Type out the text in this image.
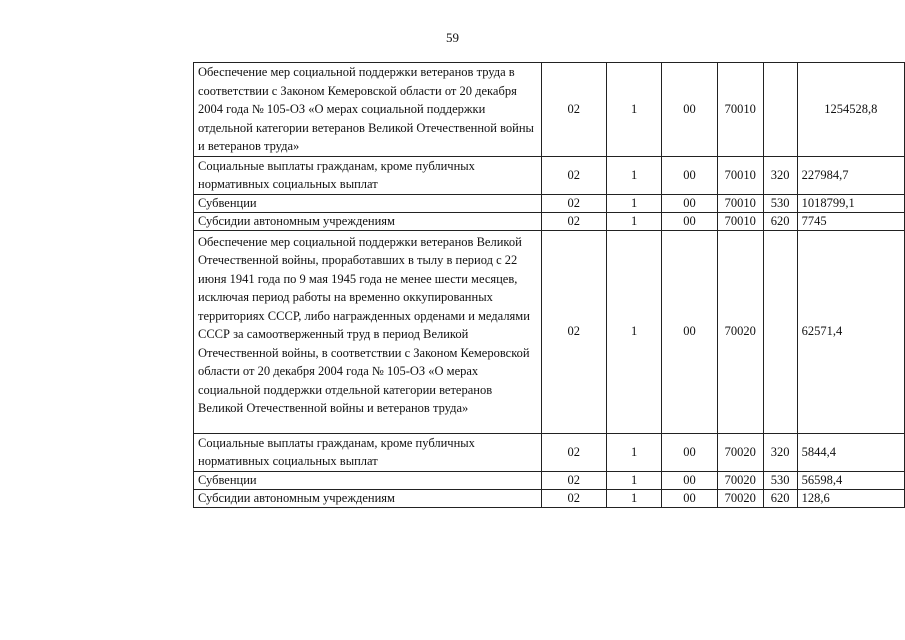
59
Обеспечение мер социальной поддержки ветеранов труда в соответствии с Законом Кемеровской области от 20 декабря 2004 года № 105-ОЗ «О мерах социальной поддержки отдельной категории ветеранов Великой Отечественной войны и ветеранов труда»	02	1	00	70010		1254528,8
Социальные выплаты гражданам, кроме публичных нормативных социальных выплат	02	1	00	70010	320	227984,7
Субвенции	02	1	00	70010	530	1018799,1
Субсидии автономным учреждениям	02	1	00	70010	620	7745
Обеспечение мер социальной поддержки ветеранов Великой Отечественной войны, проработавших в тылу в период с 22 июня 1941 года по 9 мая 1945 года не менее шести месяцев, исключая период работы на временно оккупированных территориях СССР, либо награжденных орденами и медалями СССР за самоотверженный труд в период Великой Отечественной войны, в соответствии с Законом Кемеровской области от 20 декабря 2004 года № 105-ОЗ «О мерах социальной поддержки отдельной категории ветеранов Великой Отечественной войны и ветеранов труда»	02	1	00	70020		62571,4
Социальные выплаты гражданам, кроме публичных нормативных социальных выплат	02	1	00	70020	320	5844,4
Субвенции	02	1	00	70020	530	56598,4
Субсидии автономным учреждениям	02	1	00	70020	620	128,6
